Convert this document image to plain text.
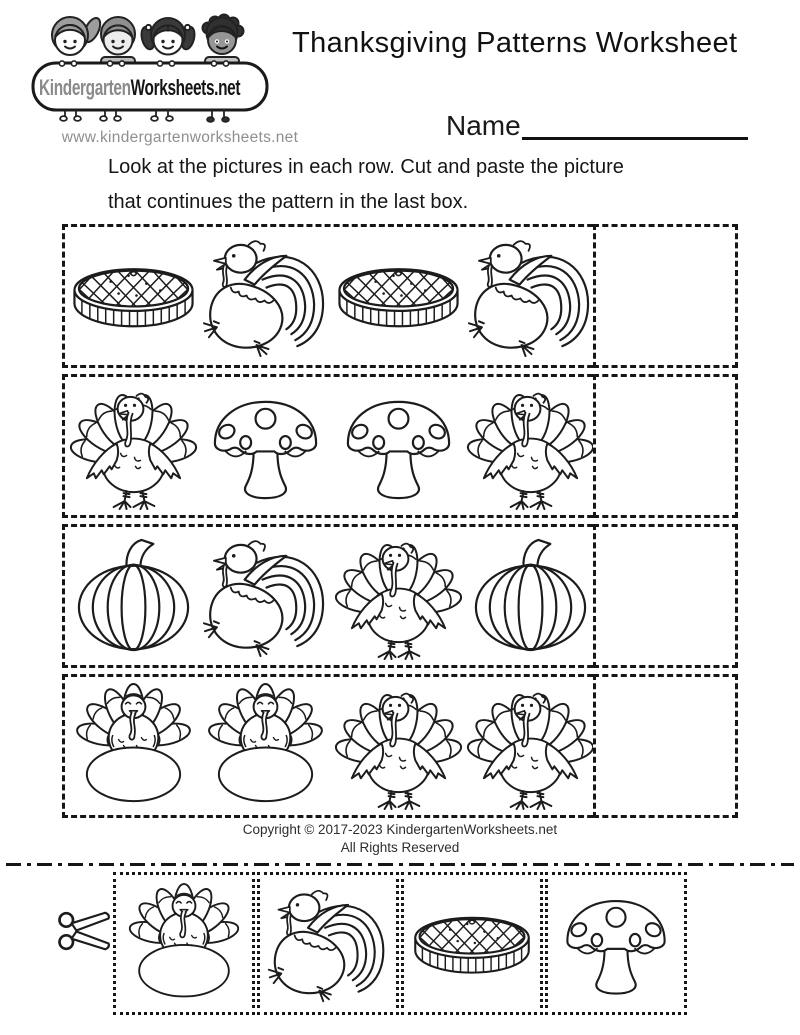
KindergartenWorksheets.net
www.kindergartenworksheets.net
Thanksgiving Patterns Worksheet
Name

Look at the pictures in each row. Cut and paste the picture
that continues the pattern in the last box.

Copyright © 2017-2023 KindergartenWorksheets.net
All Rights Reserved
